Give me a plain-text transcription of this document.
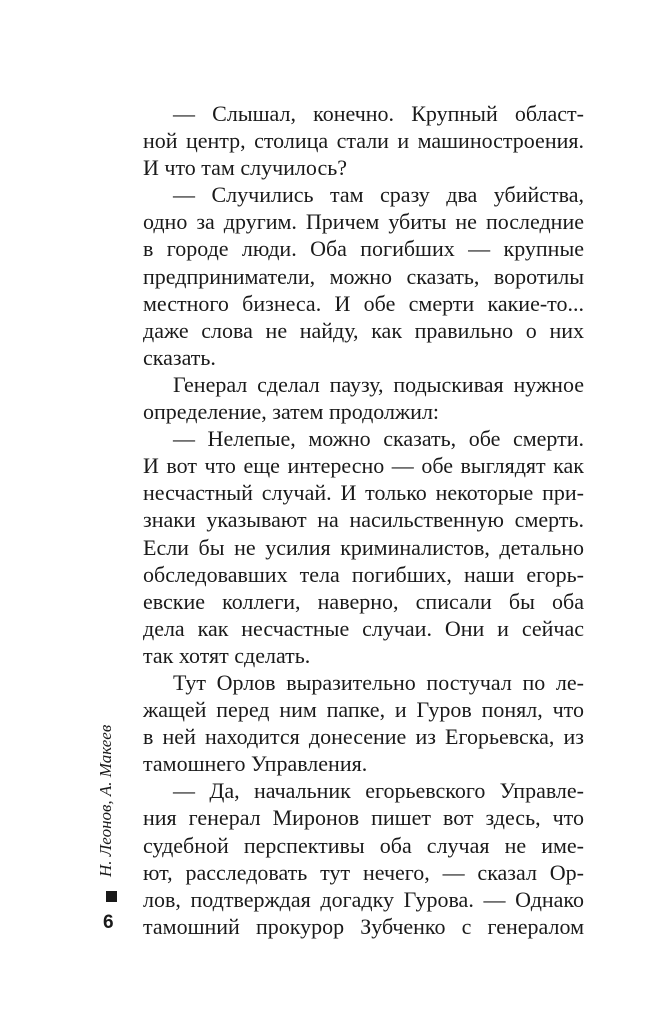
— Слышал, конечно. Крупный област-
ной центр, столица стали и машиностроения.
И что там случилось?
— Случились там сразу два убийства,
одно за другим. Причем убиты не последние
в городе люди. Оба погибших — крупные
предприниматели, можно сказать, воротилы
местного бизнеса. И обе смерти какие-то...
даже слова не найду, как правильно о них
сказать.
Генерал сделал паузу, подыскивая нужное
определение, затем продолжил:
— Нелепые, можно сказать, обе смерти.
И вот что еще интересно — обе выглядят как
несчастный случай. И только некоторые при-
знаки указывают на насильственную смерть.
Если бы не усилия криминалистов, детально
обследовавших тела погибших, наши егорь-
евские коллеги, наверно, списали бы оба
дела как несчастные случаи. Они и сейчас
так хотят сделать.
Тут Орлов выразительно постучал по ле-
жащей перед ним папке, и Гуров понял, что
в ней находится донесение из Егорьевска, из
тамошнего Управления.
— Да, начальник егорьевского Управле-
ния генерал Миронов пишет вот здесь, что
судебной перспективы оба случая не име-
ют, расследовать тут нечего, — сказал Ор-
лов, подтверждая догадку Гурова. — Однако
тамошний прокурор Зубченко с генералом
Н. Леонов, А. Макеев
6
